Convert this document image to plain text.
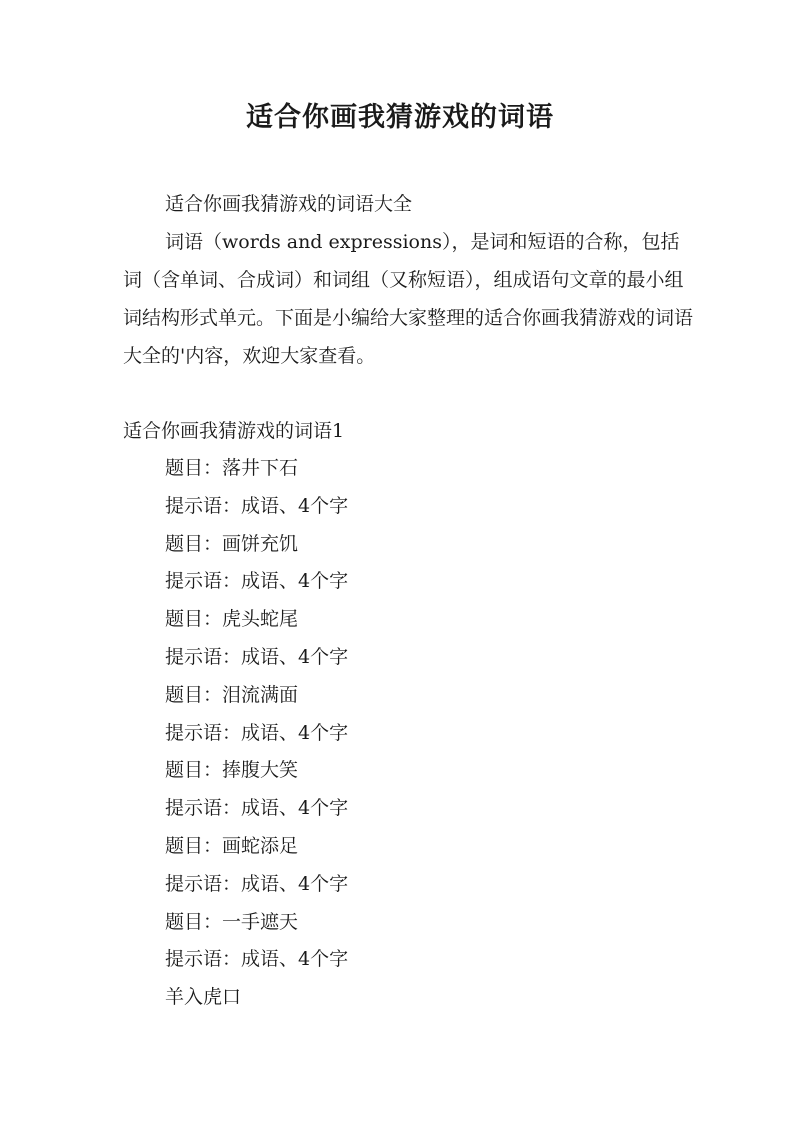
适合你画我猜游戏的词语

适合你画我猜游戏的词语大全

词语（words and expressions），是词和短语的合称，包括词（含单词、合成词）和词组（又称短语），组成语句文章的最小组词结构形式单元。下面是小编给大家整理的适合你画我猜游戏的词语大全的'内容，欢迎大家查看。

适合你画我猜游戏的词语1
题目：落井下石
提示语：成语、4个字
题目：画饼充饥
提示语：成语、4个字
题目：虎头蛇尾
提示语：成语、4个字
题目：泪流满面
提示语：成语、4个字
题目：捧腹大笑
提示语：成语、4个字
题目：画蛇添足
提示语：成语、4个字
题目：一手遮天
提示语：成语、4个字
羊入虎口
